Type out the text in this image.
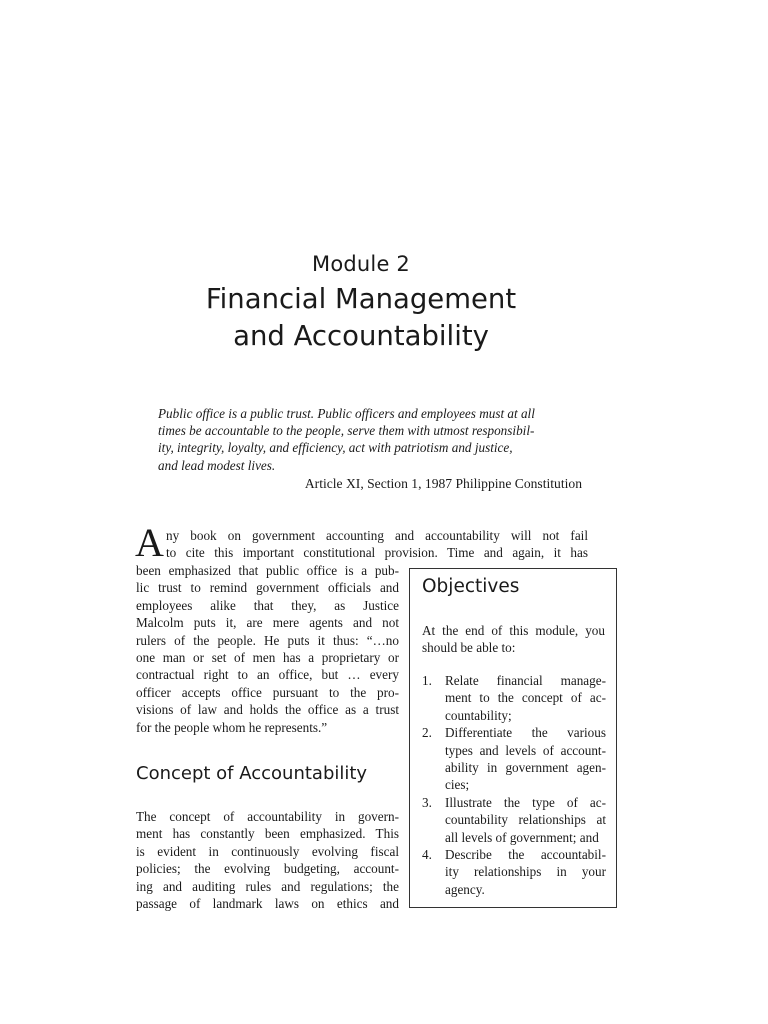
Module 2
Financial Management
and Accountability
Public office is a public trust. Public officers and employees must at all
times be accountable to the people, serve them with utmost responsibil-
ity, integrity, loyalty, and efficiency, act with patriotism and justice,
and lead modest lives.
Article XI, Section 1, 1987 Philippine Constitution
A ny book on government accounting and accountability will not fail
to cite this important constitutional provision. Time and again, it has
been emphasized that public office is a pub-
lic trust to remind government officials and
employees alike that they, as Justice
Malcolm puts it, are mere agents and not
rulers of the people. He puts it thus: “…no
one man or set of men has a proprietary or
contractual right to an office, but … every
officer accepts office pursuant to the pro-
visions of law and holds the office as a trust
for the people whom he represents.”
Concept of Accountability
The concept of accountability in govern-
ment has constantly been emphasized. This
is evident in continuously evolving fiscal
policies; the evolving budgeting, account-
ing and auditing rules and regulations; the
passage of landmark laws on ethics and
Objectives
At the end of this module, you
should be able to:
1. Relate financial manage-
ment to the concept of ac-
countability;
2. Differentiate the various
types and levels of account-
ability in government agen-
cies;
3. Illustrate the type of ac-
countability relationships at
all levels of government; and
4. Describe the accountabil-
ity relationships in your
agency.
